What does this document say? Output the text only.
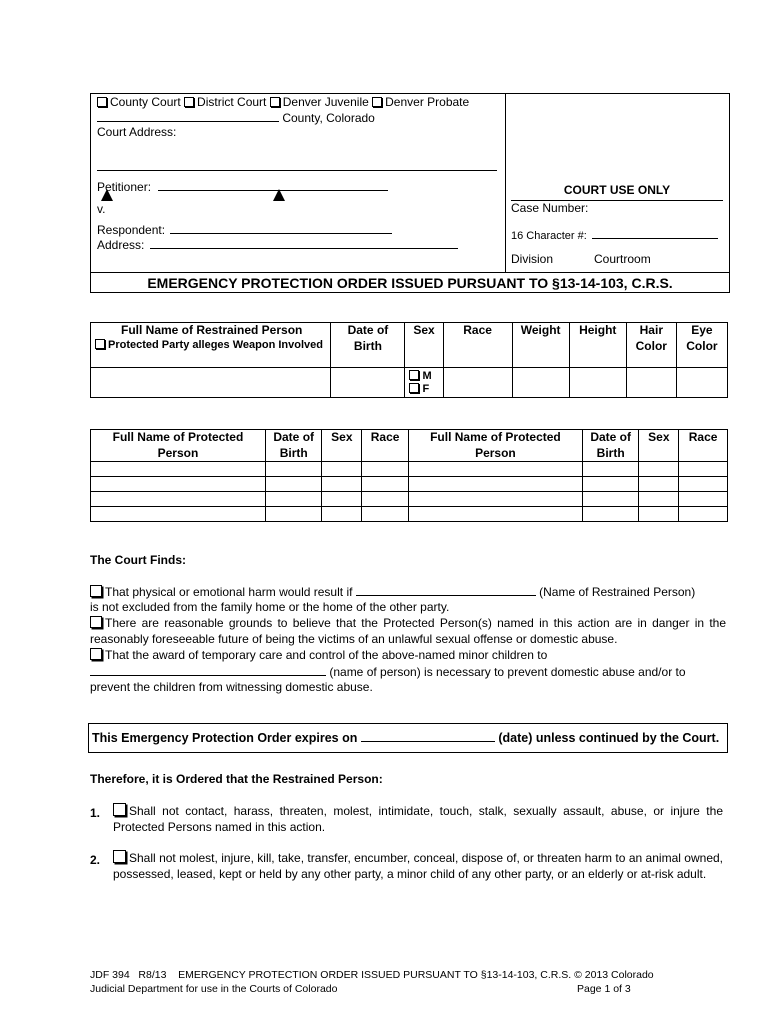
County Court District Court Denver Juvenile Denver Probate
County, Colorado
Court Address:
Petitioner:
v.
Respondent:
Address:
COURT USE ONLY
Case Number:
16 Character #:
Division	Courtroom
EMERGENCY PROTECTION ORDER ISSUED PURSUANT TO §13-14-103, C.R.S.
Full Name of Restrained Person
Protected Party alleges Weapon Involved	Date of Birth	Sex	Race	Weight	Height	Hair Color	Eye Color

		M
F					

Full Name of Protected Person	Date of Birth	Sex	Race	Full Name of Protected Person	Date of Birth	Sex	Race

The Court Finds:
That physical or emotional harm would result if	(Name of Restrained Person)
is not excluded from the family home or the home of the other party.
There are reasonable grounds to believe that the Protected Person(s) named in this action are in danger in the reasonably foreseeable future of being the victims of an unlawful sexual offense or domestic abuse.
That the award of temporary care and control of the above-named minor children to
(name of person) is necessary to prevent domestic abuse and/or to
prevent the children from witnessing domestic abuse.
This Emergency Protection Order expires on	(date) unless continued by the Court.
Therefore, it is Ordered that the Restrained Person:
1.	Shall not contact, harass, threaten, molest, intimidate, touch, stalk, sexually assault, abuse, or injure the Protected Persons named in this action.
2.	Shall not molest, injure, kill, take, transfer, encumber, conceal, dispose of, or threaten harm to an animal owned, possessed, leased, kept or held by any other party, a minor child of any other party, or an elderly or at-risk adult.
JDF 394   R8/13    EMERGENCY PROTECTION ORDER ISSUED PURSUANT TO §13-14-103, C.R.S. © 2013 Colorado
Judicial Department for use in the Courts of Colorado	Page 1 of 3
